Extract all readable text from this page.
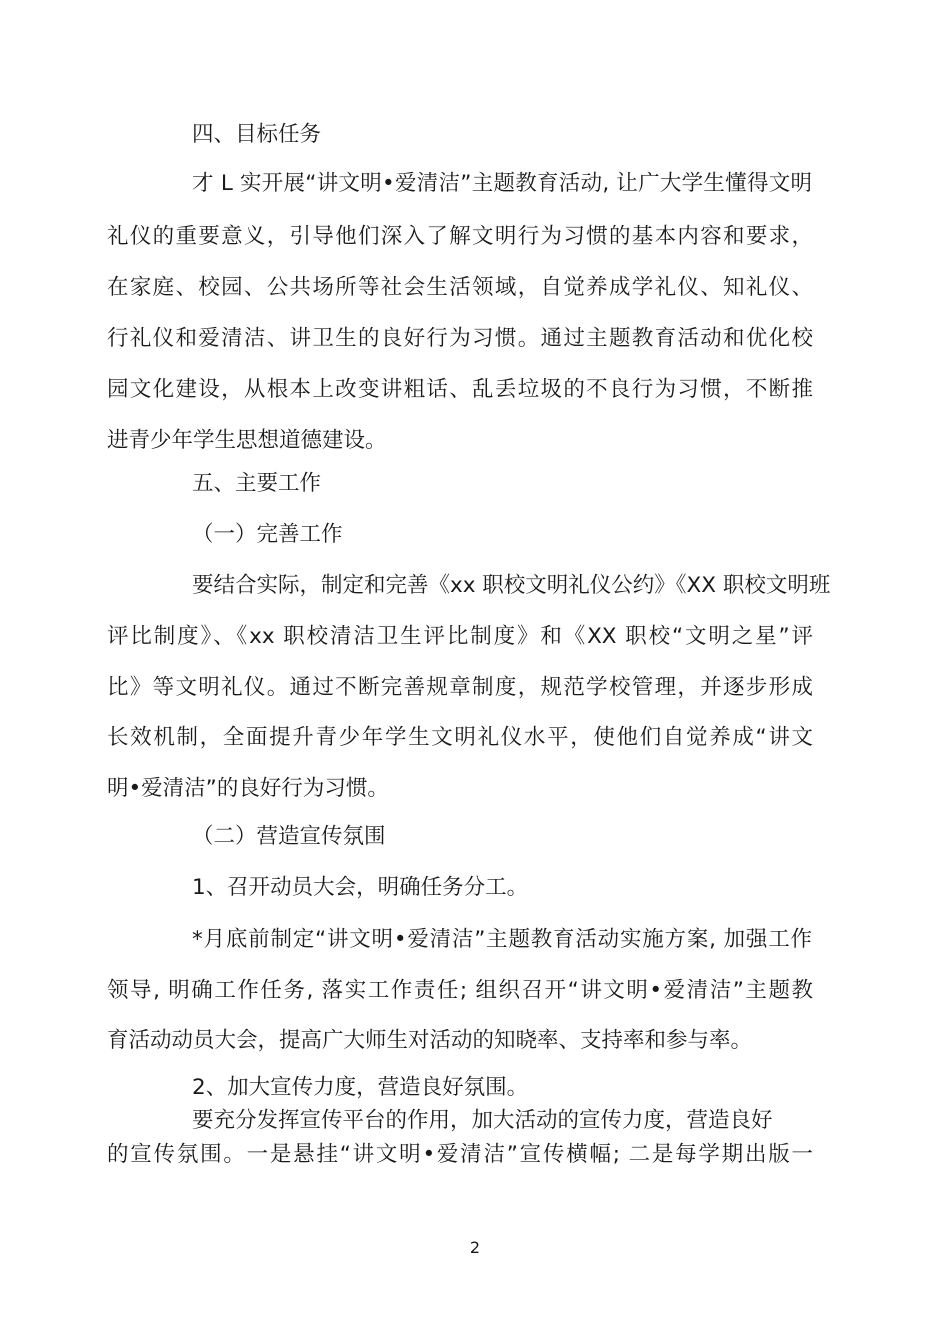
四、目标任务

才 L 实开展“讲文明•爱清洁”主题教育活动, 让广大学生懂得文明

礼仪的重要意义，引导他们深入了解文明行为习惯的基本内容和要求，

在家庭、校园、公共场所等社会生活领域，自觉养成学礼仪、知礼仪、

行礼仪和爱清洁、讲卫生的良好行为习惯。通过主题教育活动和优化校

园文化建设，从根本上改变讲粗话、乱丢垃圾的不良行为习惯，不断推

进青少年学生思想道德建设。

五、主要工作

（一）完善工作

要结合实际，制定和完善《xx 职校文明礼仪公约》《XX 职校文明班

评比制度》、《xx 职校清洁卫生评比制度》和《XX 职校“文明之星”评

比》等文明礼仪。通过不断完善规章制度，规范学校管理，并逐步形成

长效机制，全面提升青少年学生文明礼仪水平，使他们自觉养成“讲文

明•爱清洁”的良好行为习惯。

（二）营造宣传氛围

1、召开动员大会，明确任务分工。

*月底前制定“讲文明•爱清洁”主题教育活动实施方案, 加强工作

领导, 明确工作任务, 落实工作责任; 组织召开“讲文明•爱清洁”主题教

育活动动员大会，提高广大师生对活动的知晓率、支持率和参与率。

2、加大宣传力度，营造良好氛围。

要充分发挥宣传平台的作用，加大活动的宣传力度，营造良好

的宣传氛围。一是悬挂“讲文明•爱清洁”宣传横幅; 二是每学期出版一

2
